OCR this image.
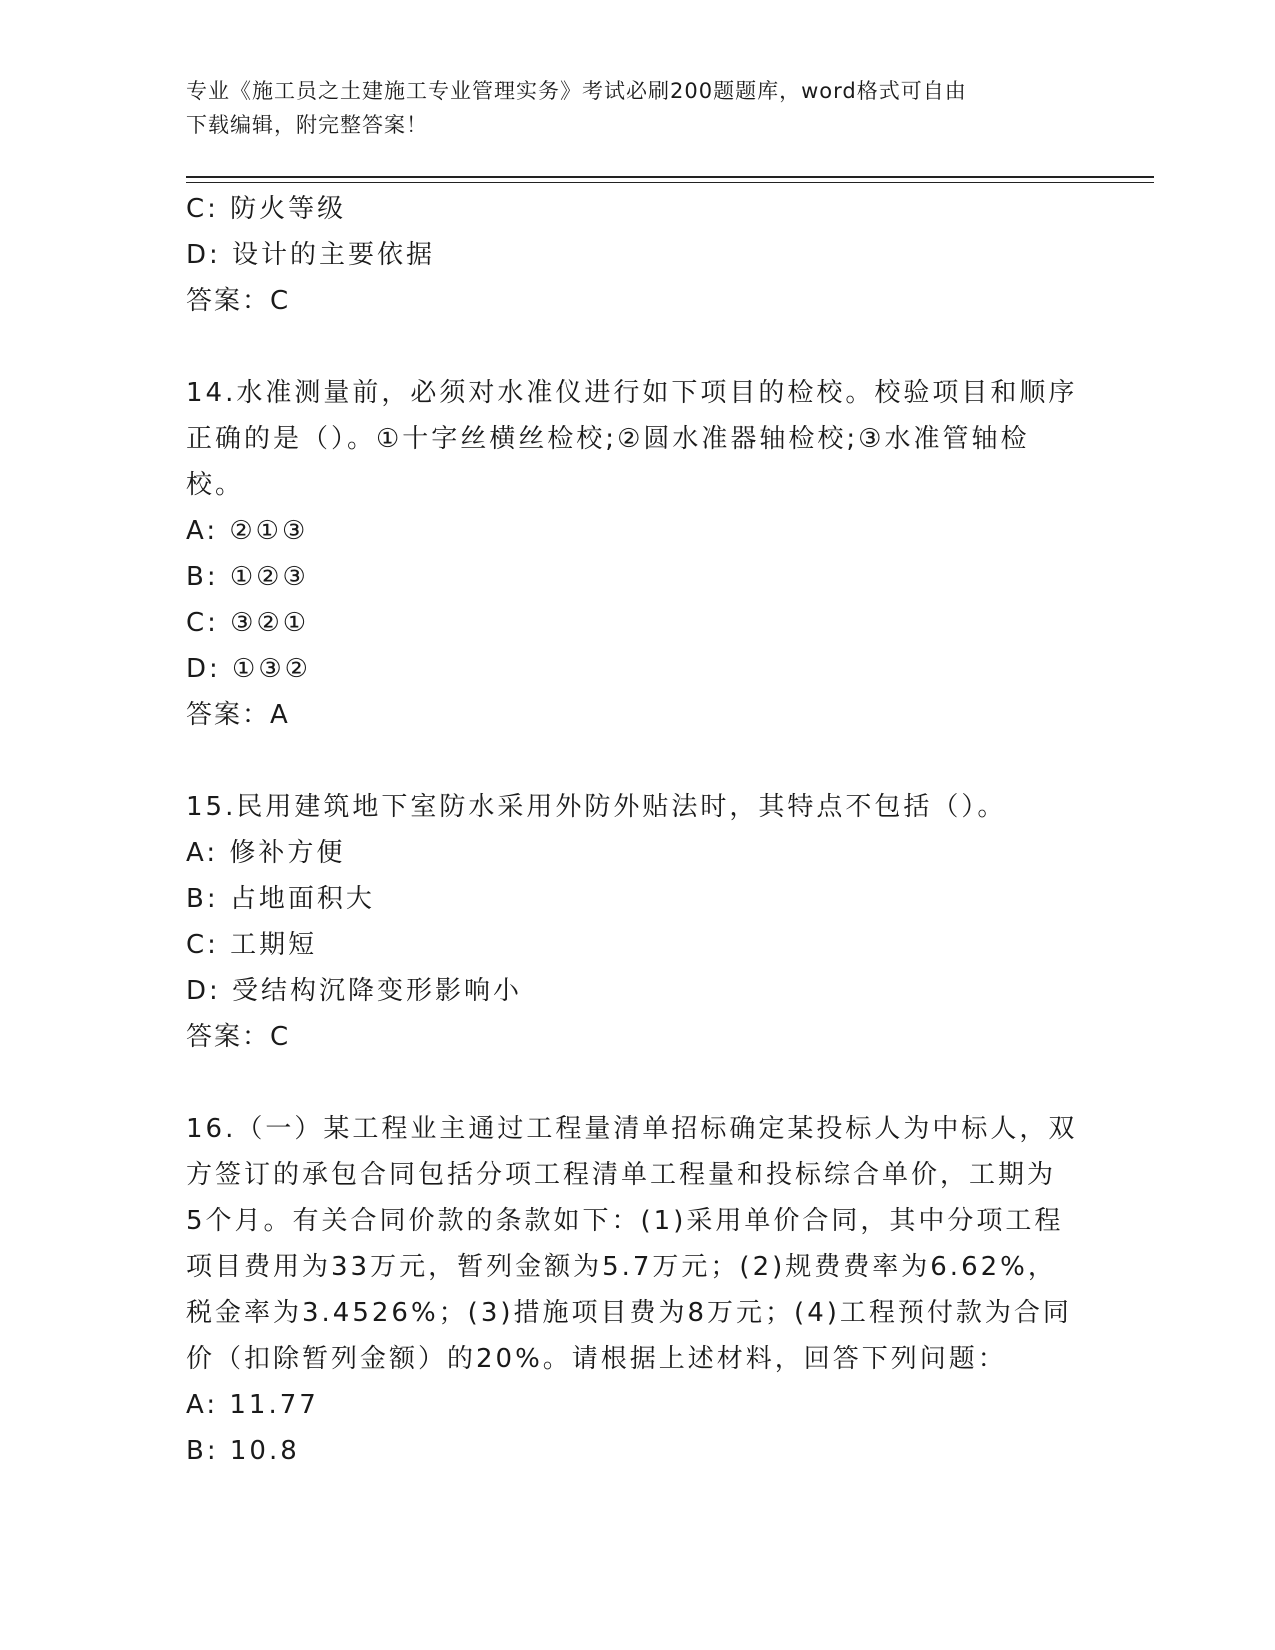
专业《施工员之土建施工专业管理实务》考试必刷200题题库，word格式可自由
下载编辑，附完整答案！
C: 防火等级
D: 设计的主要依据
答案：C
14.水准测量前，必须对水准仪进行如下项目的检校。校验项目和顺序
正确的是（）。①十字丝横丝检校;②圆水准器轴检校;③水准管轴检
校。
A: ②①③
B: ①②③
C: ③②①
D: ①③②
答案：A
15.民用建筑地下室防水采用外防外贴法时，其特点不包括（）。
A: 修补方便
B: 占地面积大
C: 工期短
D: 受结构沉降变形影响小
答案：C
16.（一）某工程业主通过工程量清单招标确定某投标人为中标人，双
方签订的承包合同包括分项工程清单工程量和投标综合单价，工期为
5个月。有关合同价款的条款如下：(1)采用单价合同，其中分项工程
项目费用为33万元，暂列金额为5.7万元；(2)规费费率为6.62%，
税金率为3.4526%；(3)措施项目费为8万元；(4)工程预付款为合同
价（扣除暂列金额）的20%。请根据上述材料，回答下列问题：
A: 11.77
B: 10.8
